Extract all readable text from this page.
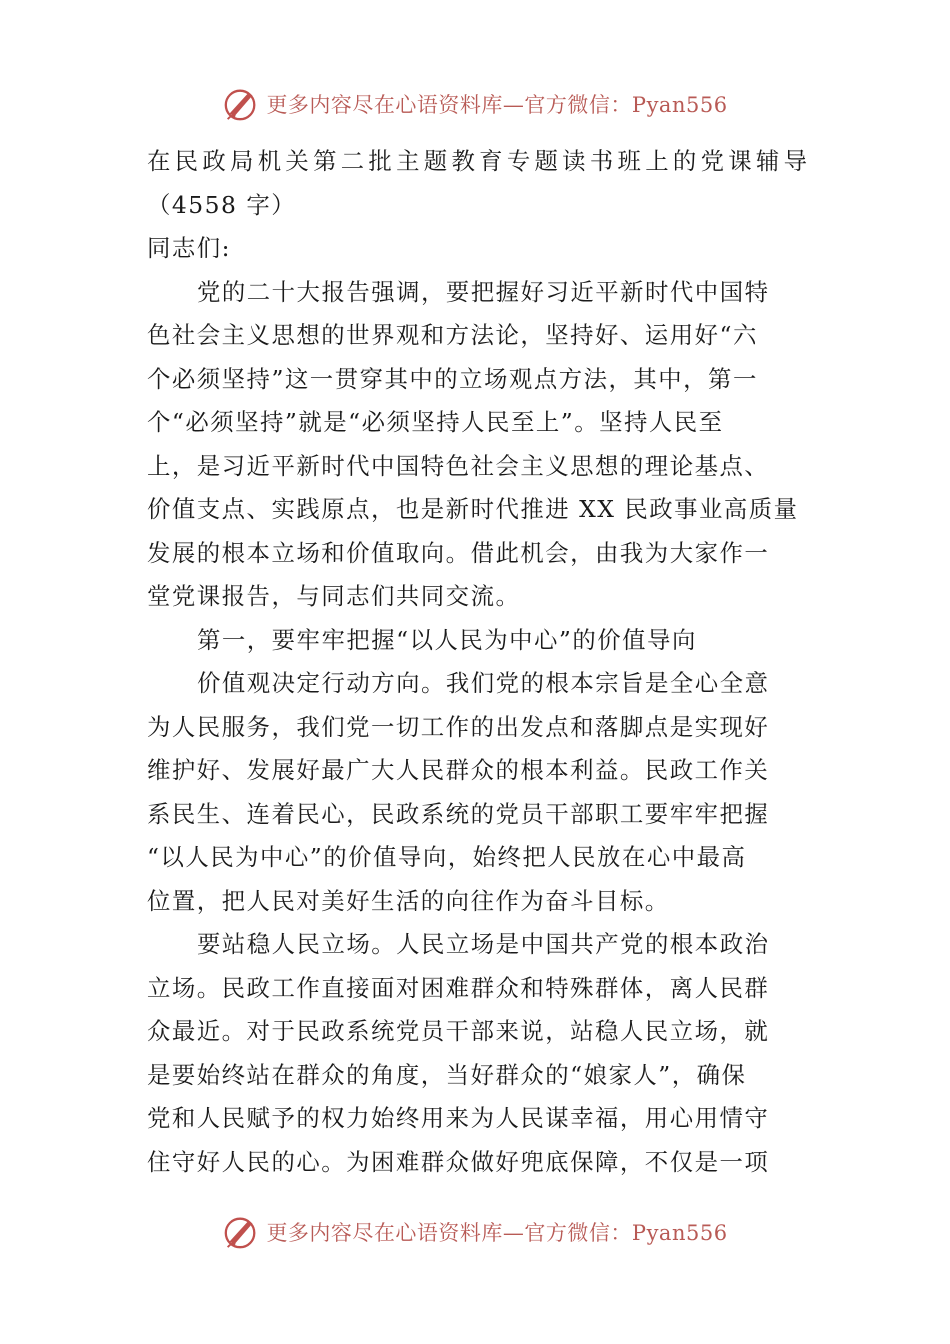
更多内容尽在心语资料库—官方微信：Pyan556
在民政局机关第二批主题教育专题读书班上的党课辅导
（4558 字）
同志们:
党的二十大报告强调，要把握好习近平新时代中国特
色社会主义思想的世界观和方法论，坚持好、运用好“六
个必须坚持”这一贯穿其中的立场观点方法，其中，第一
个“必须坚持”就是“必须坚持人民至上”。坚持人民至
上，是习近平新时代中国特色社会主义思想的理论基点、
价值支点、实践原点，也是新时代推进 XX 民政事业高质量
发展的根本立场和价值取向。借此机会，由我为大家作一
堂党课报告，与同志们共同交流。
第一，要牢牢把握“以人民为中心”的价值导向
价值观决定行动方向。我们党的根本宗旨是全心全意
为人民服务，我们党一切工作的出发点和落脚点是实现好
维护好、发展好最广大人民群众的根本利益。民政工作关
系民生、连着民心，民政系统的党员干部职工要牢牢把握
“以人民为中心”的价值导向，始终把人民放在心中最高
位置，把人民对美好生活的向往作为奋斗目标。
要站稳人民立场。人民立场是中国共产党的根本政治
立场。民政工作直接面对困难群众和特殊群体，离人民群
众最近。对于民政系统党员干部来说，站稳人民立场，就
是要始终站在群众的角度，当好群众的“娘家人”，确保
党和人民赋予的权力始终用来为人民谋幸福，用心用情守
住守好人民的心。为困难群众做好兜底保障，不仅是一项
更多内容尽在心语资料库—官方微信：Pyan556
